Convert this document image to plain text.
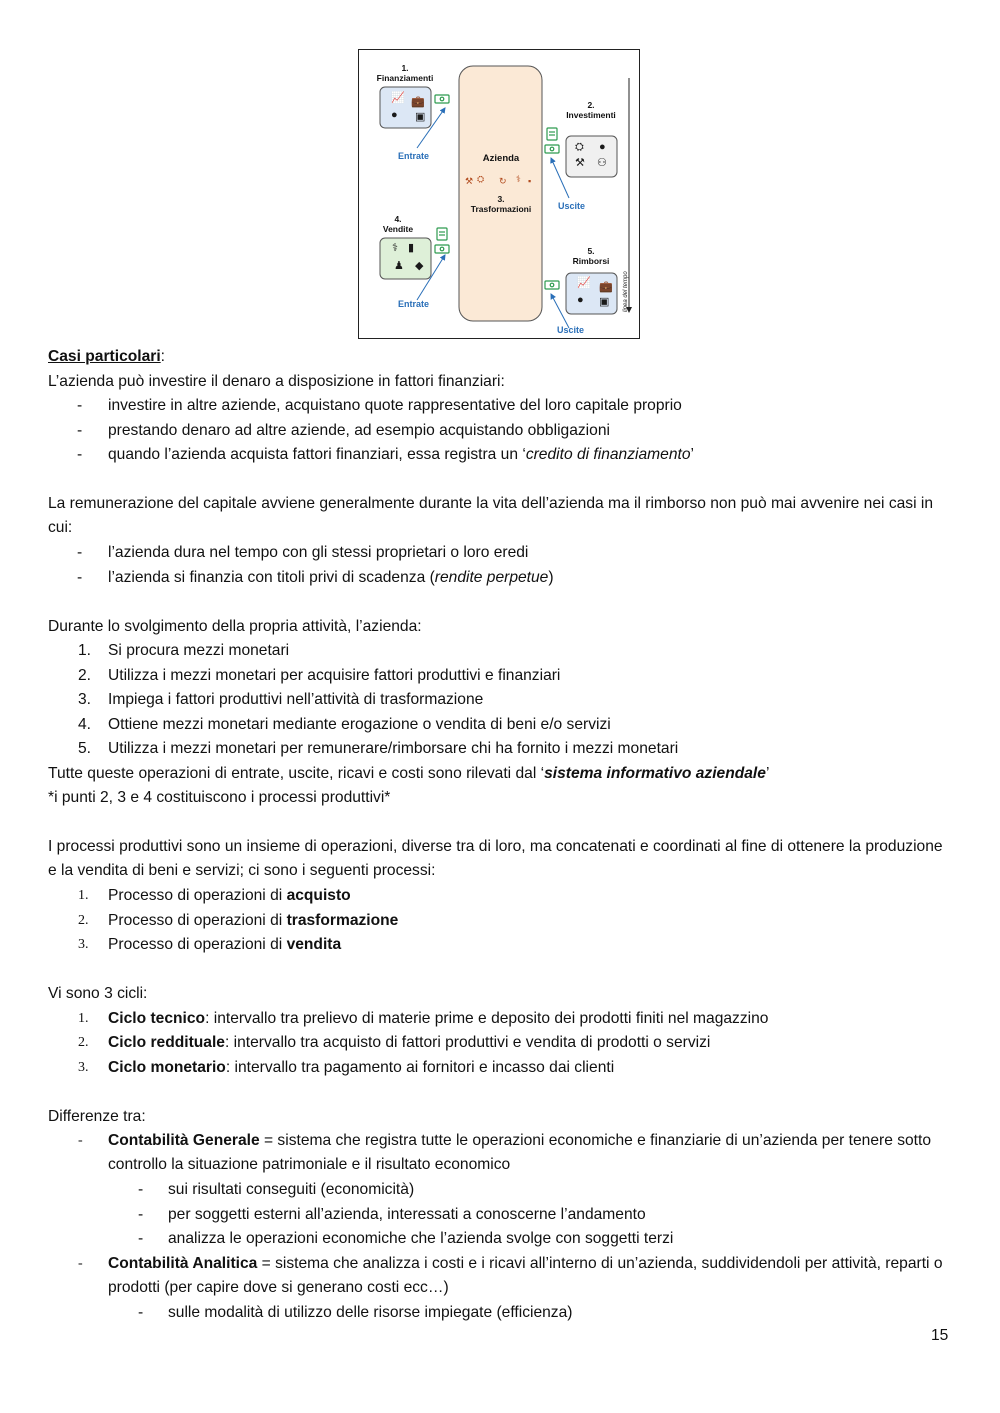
1.
Finanziamenti
2.
Investimenti
Azienda
3.
Trasformazioni
4.
Vendite
5.
Rimborsi
Entrate
Entrate
Uscite
Uscite
linea del tempo
📈 💼
● ▣
⛭ ●
⚒ ⚇
⚒ ⛭ ↻ ⚕ ▪
⚕ ▮
♟ ◆
📈 💼
● ▣
Casi particolari:
L’azienda può investire il denaro a disposizione in fattori finanziari:
- investire in altre aziende, acquistano quote rappresentative del loro capitale proprio
- prestando denaro ad altre aziende, ad esempio acquistando obbligazioni
- quando l’azienda acquista fattori finanziari, essa registra un ‘credito di finanziamento’
La remunerazione del capitale avviene generalmente durante la vita dell’azienda ma il rimborso non può mai avvenire nei casi in cui:
- l’azienda dura nel tempo con gli stessi proprietari o loro eredi
- l’azienda si finanzia con titoli privi di scadenza (rendite perpetue)
Durante lo svolgimento della propria attività, l’azienda:
1. Si procura mezzi monetari
2. Utilizza i mezzi monetari per acquisire fattori produttivi e finanziari
3. Impiega i fattori produttivi nell’attività di trasformazione
4. Ottiene mezzi monetari mediante erogazione o vendita di beni e/o servizi
5. Utilizza i mezzi monetari per remunerare/rimborsare chi ha fornito i mezzi monetari
Tutte queste operazioni di entrate, uscite, ricavi e costi sono rilevati dal ‘sistema informativo aziendale’
*i punti 2, 3 e 4 costituiscono i processi produttivi*
I processi produttivi sono un insieme di operazioni, diverse tra di loro, ma concatenati e coordinati al fine di ottenere la produzione e la vendita di beni e servizi; ci sono i seguenti processi:
1. Processo di operazioni di acquisto
2. Processo di operazioni di trasformazione
3. Processo di operazioni di vendita
Vi sono 3 cicli:
1. Ciclo tecnico: intervallo tra prelievo di materie prime e deposito dei prodotti finiti nel magazzino
2. Ciclo reddituale: intervallo tra acquisto di fattori produttivi e vendita di prodotti o servizi
3. Ciclo monetario: intervallo tra pagamento ai fornitori e incasso dai clienti
Differenze tra:
- Contabilità Generale = sistema che registra tutte le operazioni economiche e finanziarie di un’azienda per tenere sotto controllo la situazione patrimoniale e il risultato economico
- sui risultati conseguiti (economicità)
- per soggetti esterni all’azienda, interessati a conoscerne l’andamento
- analizza le operazioni economiche che l’azienda svolge con soggetti terzi
- Contabilità Analitica = sistema che analizza i costi e i ricavi all’interno di un’azienda, suddividendoli per attività, reparti o prodotti (per capire dove si generano costi ecc…)
- sulle modalità di utilizzo delle risorse impiegate (efficienza)
15
